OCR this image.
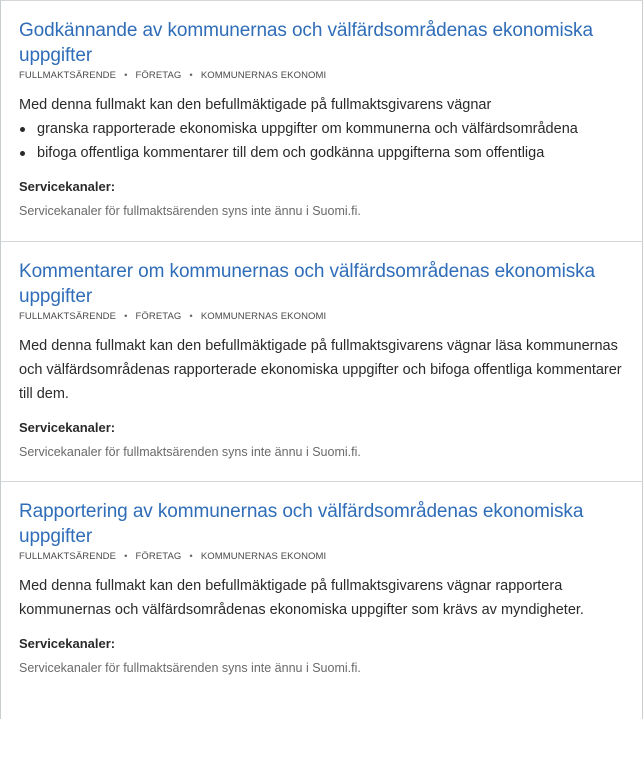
Godkännande av kommunernas och välfärdsområdenas ekonomiska uppgifter
FULLMAKTSÄRENDE • FÖRETAG • KOMMUNERNAS EKONOMI
Med denna fullmakt kan den befullmäktigade på fullmaktsgivarens vägnar
granska rapporterade ekonomiska uppgifter om kommunerna och välfärdsområdena
bifoga offentliga kommentarer till dem och godkänna uppgifterna som offentliga
Servicekanaler:
Servicekanaler för fullmaktsärenden syns inte ännu i Suomi.fi.
Kommentarer om kommunernas och välfärdsområdenas ekonomiska uppgifter
FULLMAKTSÄRENDE • FÖRETAG • KOMMUNERNAS EKONOMI
Med denna fullmakt kan den befullmäktigade på fullmaktsgivarens vägnar läsa kommunernas och välfärdsområdenas rapporterade ekonomiska uppgifter och bifoga offentliga kommentarer till dem.
Servicekanaler:
Servicekanaler för fullmaktsärenden syns inte ännu i Suomi.fi.
Rapportering av kommunernas och välfärdsområdenas ekonomiska uppgifter
FULLMAKTSÄRENDE • FÖRETAG • KOMMUNERNAS EKONOMI
Med denna fullmakt kan den befullmäktigade på fullmaktsgivarens vägnar rapportera kommunernas och välfärdsområdenas ekonomiska uppgifter som krävs av myndigheter.
Servicekanaler:
Servicekanaler för fullmaktsärenden syns inte ännu i Suomi.fi.
